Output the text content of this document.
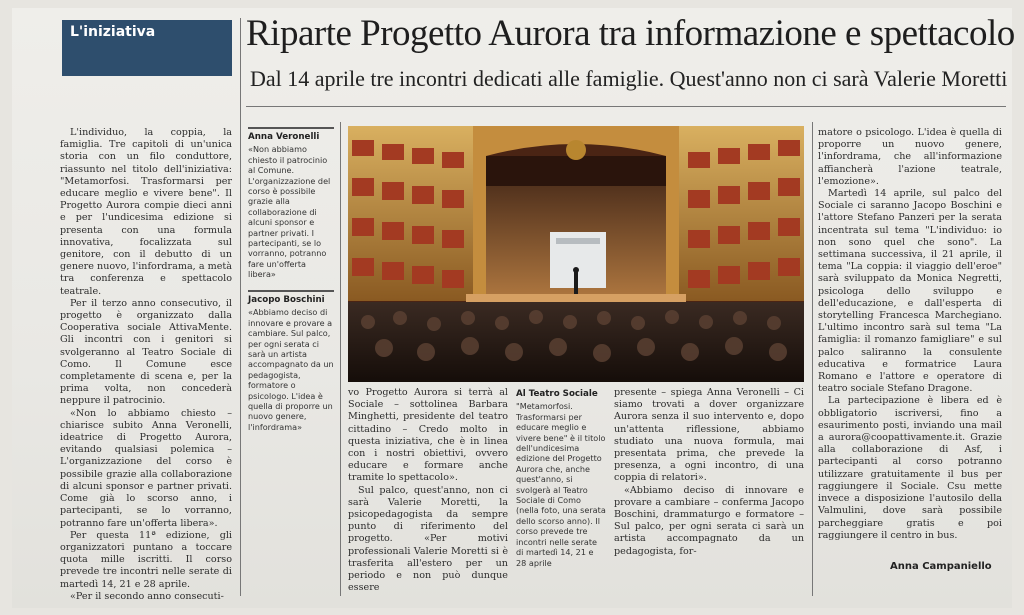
L'iniziativa	Riparte Progetto Aurora tra informazione e spettacolo
Dal 14 aprile tre incontri dedicati alle famiglie. Quest'anno non ci sarà Valerie Moretti

L'individuo, la coppia, la famiglia. Tre capitoli di un'unica storia con un filo conduttore, riassunto nel titolo dell'iniziativa: "Metamorfosi. Trasformarsi per educare meglio e vivere bene". Il Progetto Aurora compie dieci anni e per l'undicesima edizione si presenta con una formula innovativa, focalizzata sul genitore, con il debutto di un genere nuovo, l'infordrama, a metà tra conferenza e spettacolo teatrale.

Per il terzo anno consecutivo, il progetto è organizzato dalla Cooperativa sociale AttivaMente. Gli incontri con i genitori si svolgeranno al Teatro Sociale di Como. Il Comune esce completamente di scena e, per la prima volta, non concederà neppure il patrocinio.

«Non lo abbiamo chiesto – chiarisce subito Anna Veronelli, ideatrice di Progetto Aurora, evitando qualsiasi polemica – L'organizzazione del corso è possibile grazie alla collaborazione di alcuni sponsor e partner privati. Come già lo scorso anno, i partecipanti, se lo vorranno, potranno fare un'offerta libera».

Per questa 11ª edizione, gli organizzatori puntano a toccare quota mille iscritti. Il corso prevede tre incontri nelle serate di martedì 14, 21 e 28 aprile.

«Per il secondo anno consecuti-

Anna Veronelli
«Non abbiamo chiesto il patrocinio al Comune. L'organizzazione del corso è possibile grazie alla collaborazione di alcuni sponsor e partner privati. I partecipanti, se lo vorranno, potranno fare un'offerta libera»
Jacopo Boschini
«Abbiamo deciso di innovare e provare a cambiare. Sul palco, per ogni serata ci sarà un artista accompagnato da un pedagogista, formatore o psicologo. L'idea è quella di proporre un nuovo genere, l'infordrama»

vo Progetto Aurora si terrà al Sociale – sottolinea Barbara Minghetti, presidente del teatro cittadino – Credo molto in questa iniziativa, che è in linea con i nostri obiettivi, ovvero educare e formare anche tramite lo spettacolo».

Sul palco, quest'anno, non ci sarà Valerie Moretti, la psicopedagogista da sempre punto di riferimento del progetto. «Per motivi professionali Valerie Moretti si è trasferita all'estero per un periodo e non può dunque essere

Al Teatro Sociale
"Metamorfosi. Trasformarsi per educare meglio e vivere bene" è il titolo dell'undicesima edizione del Progetto Aurora che, anche quest'anno, si svolgerà al Teatro Sociale di Como (nella foto, una serata dello scorso anno). Il corso prevede tre incontri nelle serate di martedì 14, 21 e 28 aprile

presente – spiega Anna Veronelli – Ci siamo trovati a dover organizzare Aurora senza il suo intervento e, dopo un'attenta riflessione, abbiamo studiato una nuova formula, mai presentata prima, che prevede la presenza, a ogni incontro, di una coppia di relatori».

«Abbiamo deciso di innovare e provare a cambiare – conferma Jacopo Boschini, drammaturgo e formatore – Sul palco, per ogni serata ci sarà un artista accompagnato da un pedagogista, for-

matore o psicologo. L'idea è quella di proporre un nuovo genere, l'infordrama, che all'informazione affiancherà l'azione teatrale, l'emozione».

Martedì 14 aprile, sul palco del Sociale ci saranno Jacopo Boschini e l'attore Stefano Panzeri per la serata incentrata sul tema "L'individuo: io non sono quel che sono". La settimana successiva, il 21 aprile, il tema "La coppia: il viaggio dell'eroe" sarà sviluppato da Monica Negretti, psicologa dello sviluppo e dell'educazione, e dall'esperta di storytelling Francesca Marchegiano. L'ultimo incontro sarà sul tema "La famiglia: il romanzo famigliare" e sul palco saliranno la consulente educativa e formatrice Laura Romano e l'attore e operatore di teatro sociale Stefano Dragone.

La partecipazione è libera ed è obbligatorio iscriversi, fino a esaurimento posti, inviando una mail a aurora@coopattivamente.it. Grazie alla collaborazione di Asf, i partecipanti al corso potranno utilizzare gratuitamente il bus per raggiungere il Sociale. Csu mette invece a disposizione l'autosilo della Valmulini, dove sarà possibile parcheggiare gratis e poi raggiungere il centro in bus.

Anna Campaniello
